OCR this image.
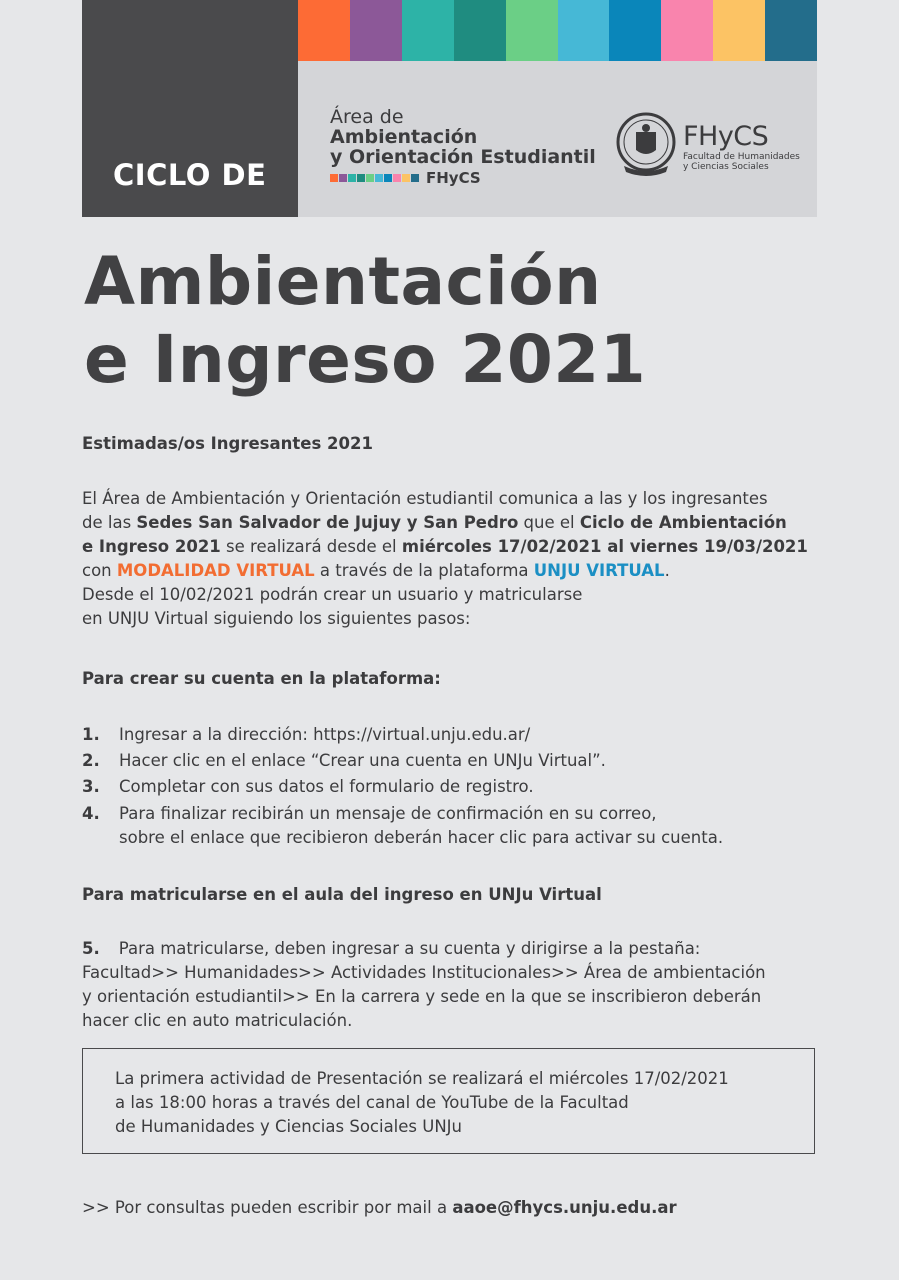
CICLO DE
Área de
Ambientación
y Orientación Estudiantil
FHyCS
FHyCS
Facultad de Humanidades
y Ciencias Sociales
Ambientación
e Ingreso 2021
Estimadas/os Ingresantes 2021
El Área de Ambientación y Orientación estudiantil comunica a las y los ingresantes
de las Sedes San Salvador de Jujuy y San Pedro que el Ciclo de Ambientación
e Ingreso 2021 se realizará desde el miércoles 17/02/2021 al viernes 19/03/2021
con MODALIDAD VIRTUAL a través de la plataforma UNJU VIRTUAL.
Desde el 10/02/2021 podrán crear un usuario y matricularse
en UNJU Virtual siguiendo los siguientes pasos:
Para crear su cuenta en la plataforma:
1. Ingresar a la dirección: https://virtual.unju.edu.ar/
2. Hacer clic en el enlace “Crear una cuenta en UNJu Virtual”.
3. Completar con sus datos el formulario de registro.
4. Para finalizar recibirán un mensaje de confirmación en su correo,
sobre el enlace que recibieron deberán hacer clic para activar su cuenta.
Para matricularse en el aula del ingreso en UNJu Virtual
5. Para matricularse, deben ingresar a su cuenta y dirigirse a la pestaña:
Facultad>> Humanidades>> Actividades Institucionales>> Área de ambientación
y orientación estudiantil>> En la carrera y sede en la que se inscribieron deberán
hacer clic en auto matriculación.
La primera actividad de Presentación se realizará el miércoles 17/02/2021
a las 18:00 horas a través del canal de YouTube de la Facultad
de Humanidades y Ciencias Sociales UNJu
>> Por consultas pueden escribir por mail a aaoe@fhycs.unju.edu.ar
